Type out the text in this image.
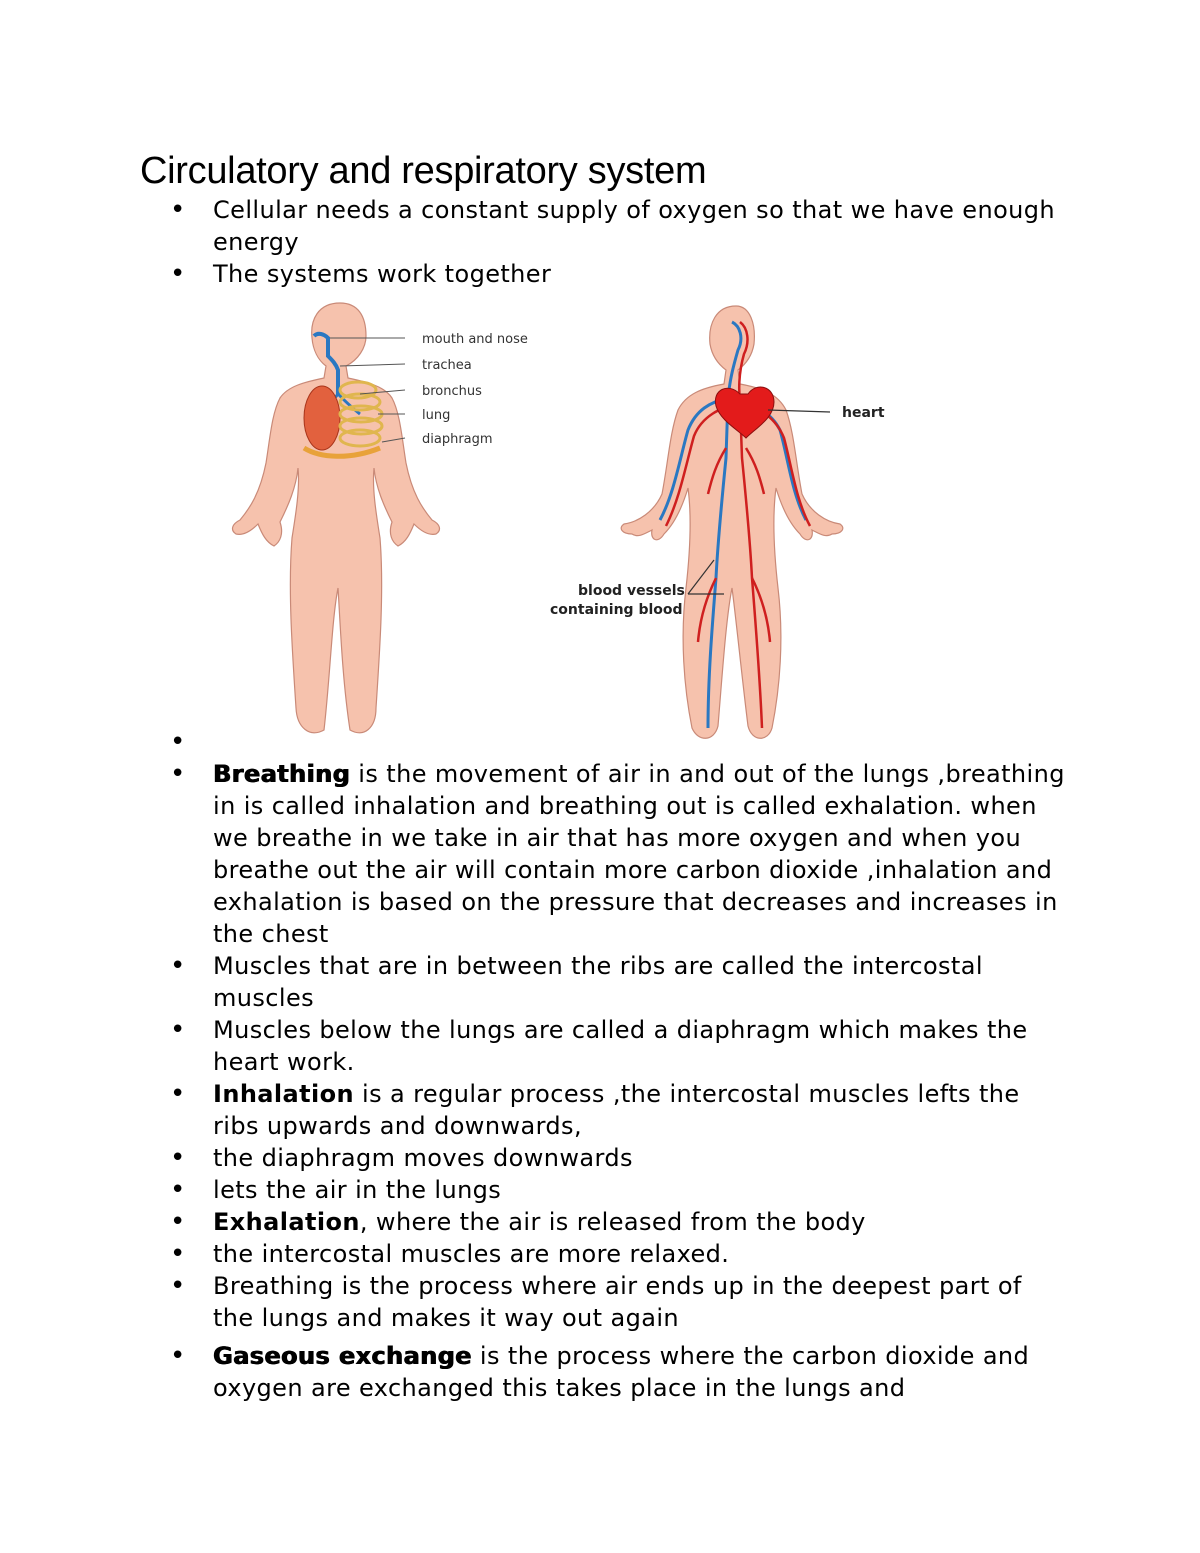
Circulatory and respiratory system
• Cellular needs a constant supply of oxygen so that we have enough energy
• The systems work together
mouth and nose
trachea
bronchus
lung
diaphragm
heart
blood vessels
containing blood
•
• Breathing is the movement of air in and out of the lungs ,breathing in is called inhalation and breathing out is called exhalation. when we breathe in we take in air that has more oxygen and when you breathe out the air will contain more carbon dioxide ,inhalation and exhalation is based on the pressure that decreases and increases in the chest
• Muscles that are in between the ribs are called the intercostal muscles
• Muscles below the lungs are called a diaphragm which makes the heart work.
• Inhalation is a regular process ,the intercostal muscles lefts the ribs upwards and downwards,
• the diaphragm moves downwards
• lets the air in the lungs
• Exhalation, where the air is released from the body
• the intercostal muscles are more relaxed.
• Breathing is the process where air ends up in the deepest part of the lungs and makes it way out again
• Gaseous exchange is the process where the carbon dioxide and oxygen are exchanged this takes place in the lungs and
